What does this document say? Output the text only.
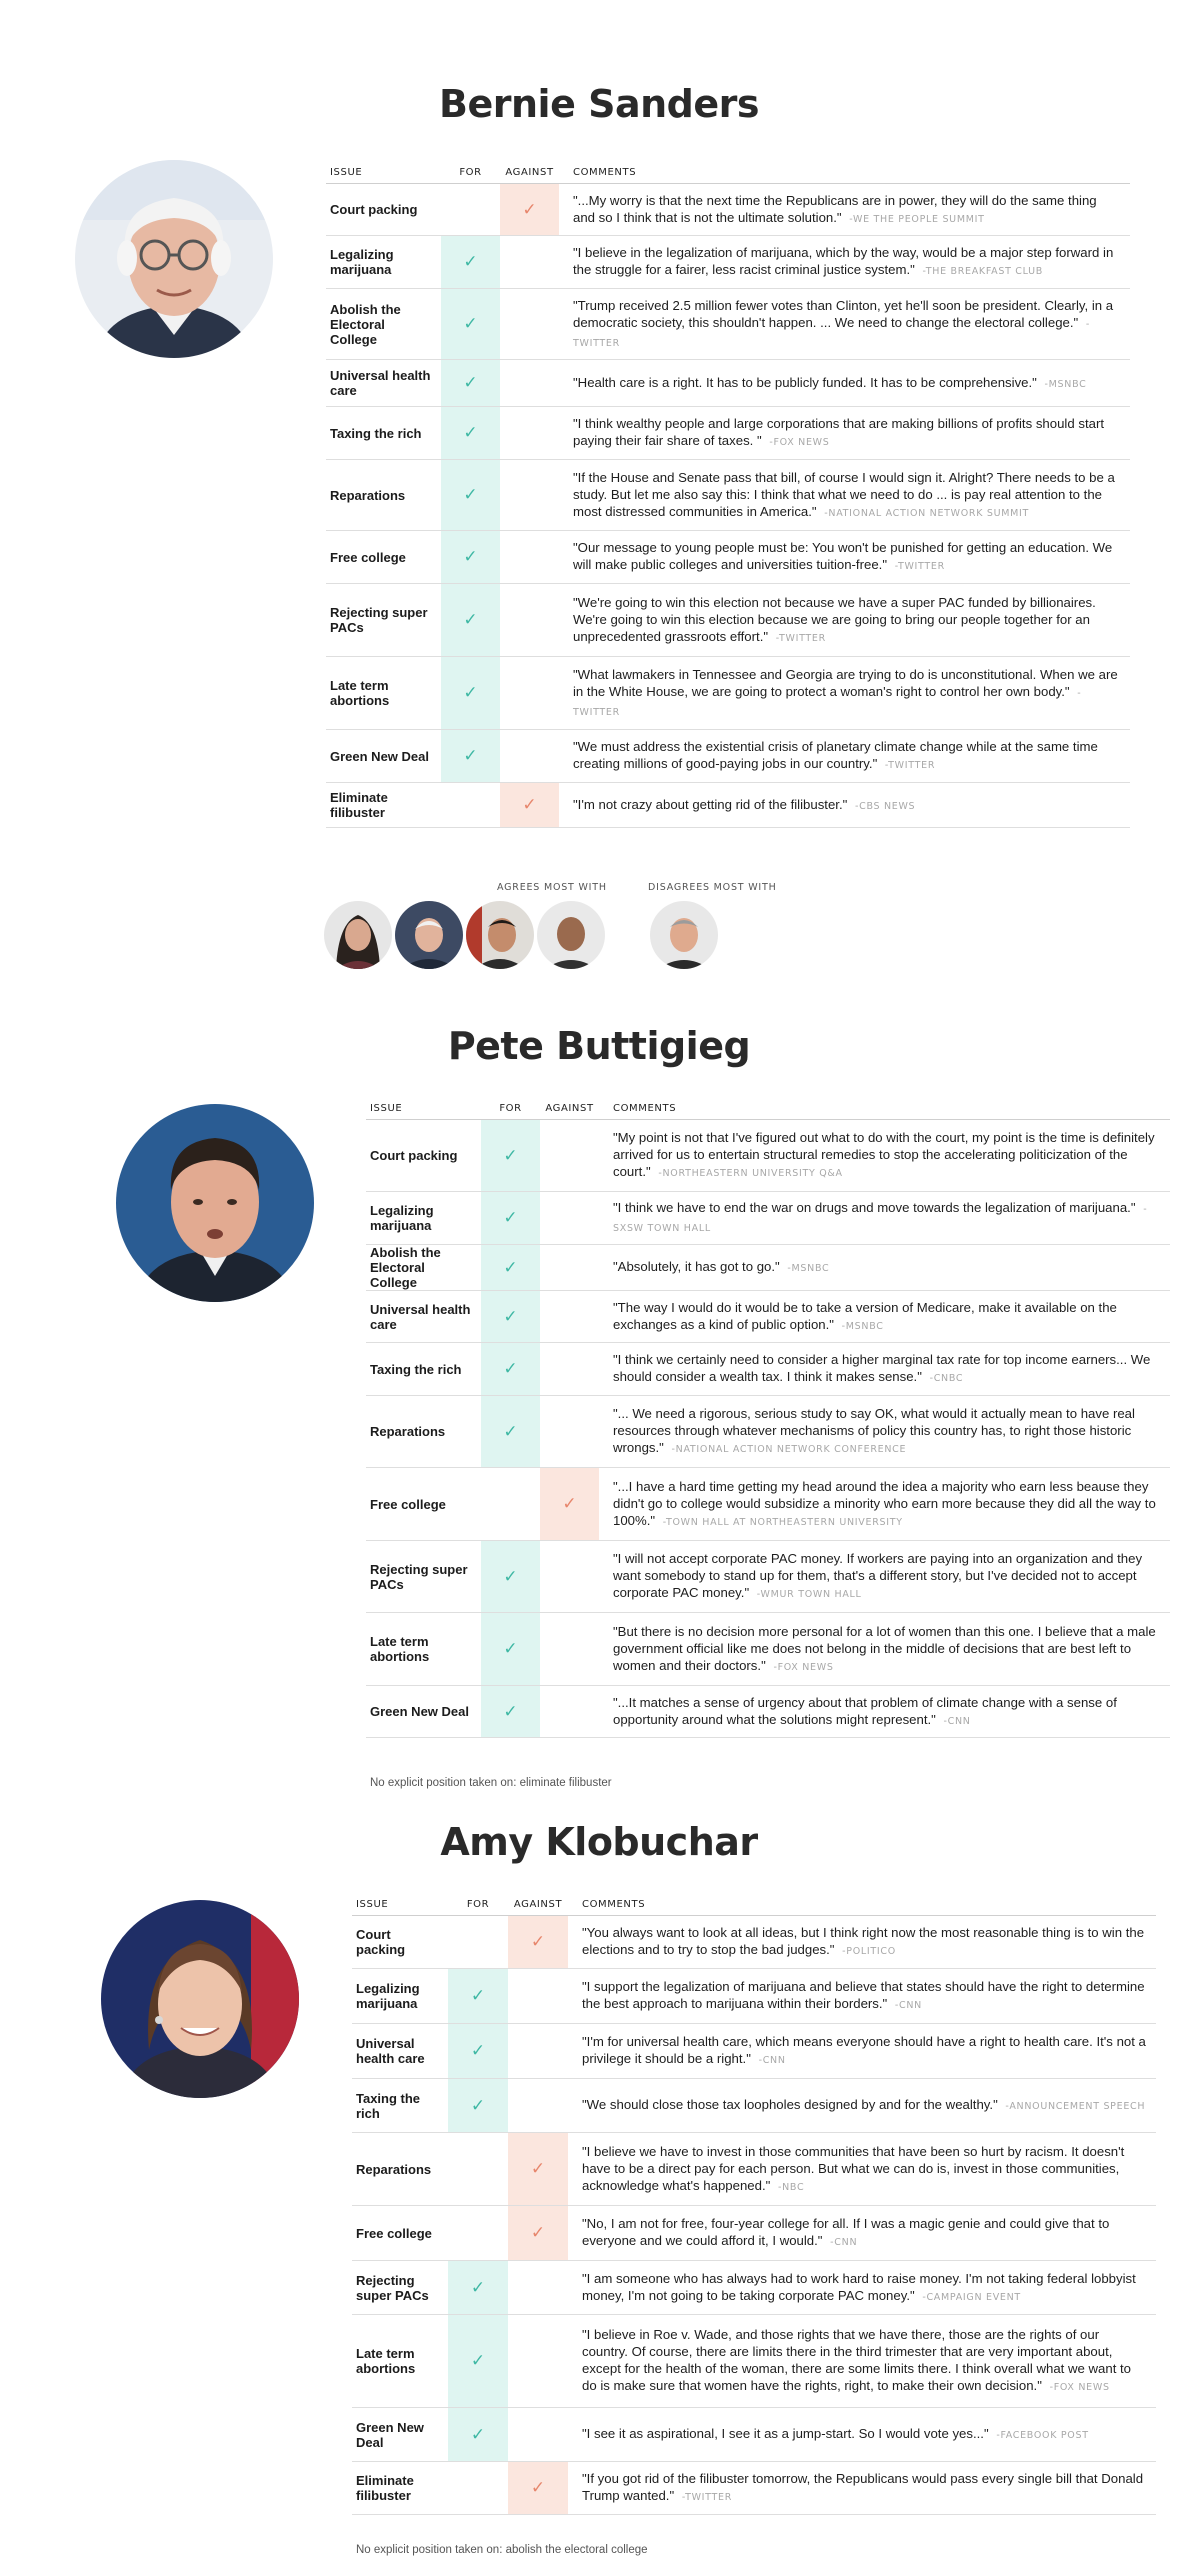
Bernie Sanders
ISSUE	FOR	AGAINST	COMMENTS
Court packing		✓	"...My worry is that the next time the Republicans are in power, they will do the same thing and so I think that is not the ultimate solution." -WE THE PEOPLE SUMMIT
Legalizing marijuana	✓		"I believe in the legalization of marijuana, which by the way, would be a major step forward in the struggle for a fairer, less racist criminal justice system." -THE BREAKFAST CLUB
Abolish the Electoral College	✓		"Trump received 2.5 million fewer votes than Clinton, yet he'll soon be president. Clearly, in a democratic society, this shouldn't happen. ... We need to change the electoral college." -TWITTER
Universal health care	✓		"Health care is a right. It has to be publicly funded. It has to be comprehensive." -MSNBC
Taxing the rich	✓		"I think wealthy people and large corporations that are making billions of profits should start paying their fair share of taxes. " -FOX NEWS
Reparations	✓		"If the House and Senate pass that bill, of course I would sign it. Alright? There needs to be a study. But let me also say this: I think that what we need to do ... is pay real attention to the most distressed communities in America." -NATIONAL ACTION NETWORK SUMMIT
Free college	✓		"Our message to young people must be: You won't be punished for getting an education. We will make public colleges and universities tuition-free." -TWITTER
Rejecting super PACs	✓		"We're going to win this election not because we have a super PAC funded by billionaires. We're going to win this election because we are going to bring our people together for an unprecedented grassroots effort." -TWITTER
Late term abortions	✓		"What lawmakers in Tennessee and Georgia are trying to do is unconstitutional. When we are in the White House, we are going to protect a woman's right to control her own body." -TWITTER
Green New Deal	✓		"We must address the existential crisis of planetary climate change while at the same time creating millions of good-paying jobs in our country." -TWITTER
Eliminate filibuster		✓	"I'm not crazy about getting rid of the filibuster." -CBS NEWS
AGREES MOST WITH	DISAGREES MOST WITH
Pete Buttigieg
ISSUE	FOR	AGAINST	COMMENTS
Court packing	✓		"My point is not that I've figured out what to do with the court, my point is the time is definitely arrived for us to entertain structural remedies to stop the accelerating politicization of the court." -NORTHEASTERN UNIVERSITY Q&A
Legalizing marijuana	✓		"I think we have to end the war on drugs and move towards the legalization of marijuana." -SXSW TOWN HALL
Abolish the Electoral College	✓		"Absolutely, it has got to go." -MSNBC
Universal health care	✓		"The way I would do it would be to take a version of Medicare, make it available on the exchanges as a kind of public option." -MSNBC
Taxing the rich	✓		"I think we certainly need to consider a higher marginal tax rate for top income earners... We should consider a wealth tax. I think it makes sense." -CNBC
Reparations	✓		"... We need a rigorous, serious study to say OK, what would it actually mean to have real resources through whatever mechanisms of policy this country has, to right those historic wrongs." -NATIONAL ACTION NETWORK CONFERENCE
Free college		✓	"...I have a hard time getting my head around the idea a majority who earn less beause they didn't go to college would subsidize a minority who earn more because they did all the way to 100%." -TOWN HALL AT NORTHEASTERN UNIVERSITY
Rejecting super PACs	✓		"I will not accept corporate PAC money. If workers are paying into an organization and they want somebody to stand up for them, that's a different story, but I've decided not to accept corporate PAC money." -WMUR TOWN HALL
Late term abortions	✓		"But there is no decision more personal for a lot of women than this one. I believe that a male government official like me does not belong in the middle of decisions that are best left to women and their doctors." -FOX NEWS
Green New Deal	✓		"...It matches a sense of urgency about that problem of climate change with a sense of opportunity around what the solutions might represent." -CNN
No explicit position taken on: eliminate filibuster
Amy Klobuchar
ISSUE	FOR	AGAINST	COMMENTS
Court packing		✓	"You always want to look at all ideas, but I think right now the most reasonable thing is to win the elections and to try to stop the bad judges." -POLITICO
Legalizing marijuana	✓		"I support the legalization of marijuana and believe that states should have the right to determine the best approach to marijuana within their borders." -CNN
Universal health care	✓		"I'm for universal health care, which means everyone should have a right to health care. It's not a privilege it should be a right." -CNN
Taxing the rich	✓		"We should close those tax loopholes designed by and for the wealthy." -ANNOUNCEMENT SPEECH
Reparations		✓	"I believe we have to invest in those communities that have been so hurt by racism. It doesn't have to be a direct pay for each person. But what we can do is, invest in those communities, acknowledge what's happened." -NBC
Free college		✓	"No, I am not for free, four-year college for all. If I was a magic genie and could give that to everyone and we could afford it, I would." -CNN
Rejecting super PACs	✓		"I am someone who has always had to work hard to raise money. I'm not taking federal lobbyist money, I'm not going to be taking corporate PAC money." -CAMPAIGN EVENT
Late term abortions	✓		"I believe in Roe v. Wade, and those rights that we have there, those are the rights of our country. Of course, there are limits there in the third trimester that are very important about, except for the health of the woman, there are some limits there. I think overall what we want to do is make sure that women have the rights, right, to make their own decision." -FOX NEWS
Green New Deal	✓		"I see it as aspirational, I see it as a jump-start. So I would vote yes..." -FACEBOOK POST
Eliminate filibuster		✓	"If you got rid of the filibuster tomorrow, the Republicans would pass every single bill that Donald Trump wanted." -TWITTER
No explicit position taken on: abolish the electoral college
